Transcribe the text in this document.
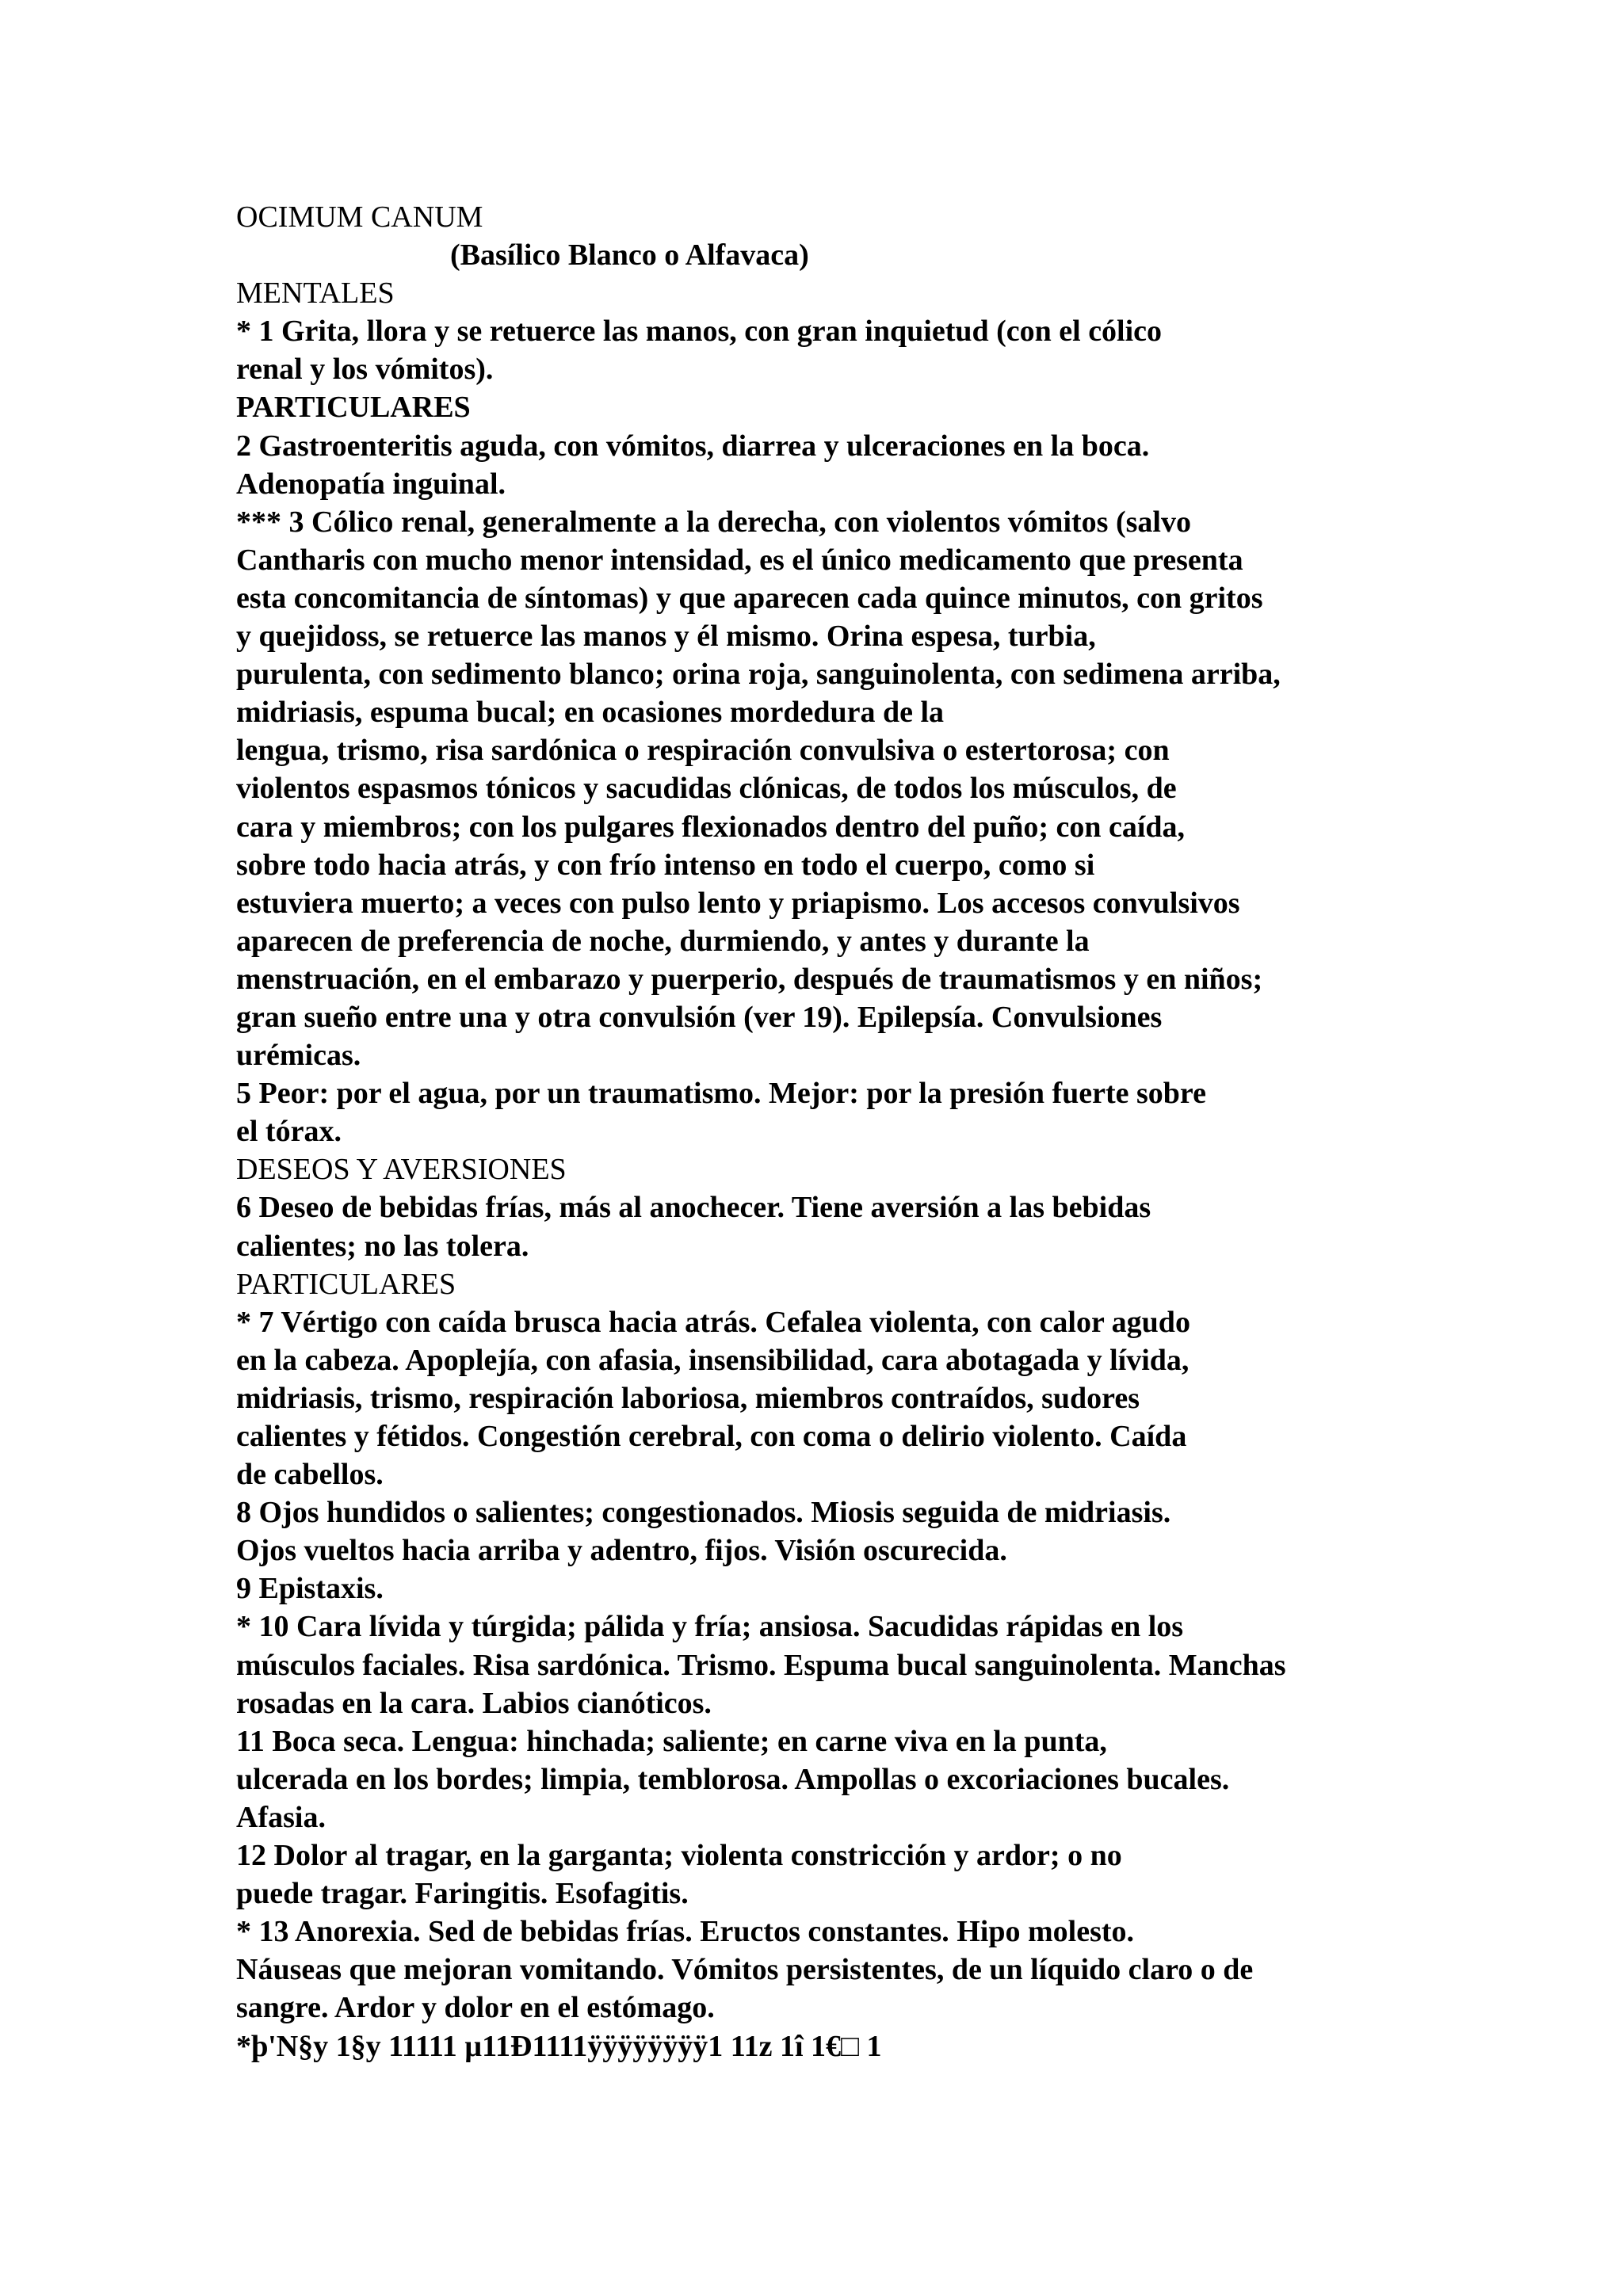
OCIMUM CANUM
(Basílico Blanco o Alfavaca)
MENTALES
* 1 Grita, llora y se retuerce las manos, con gran inquietud (con el cólico
renal y los vómitos).
PARTICULARES
2 Gastroenteritis aguda, con vómitos, diarrea y ulceraciones en la boca.
Adenopatía inguinal.
*** 3 Cólico renal, generalmente a la derecha, con violentos vómitos (salvo
Cantharis con mucho menor intensidad, es el único medicamento que presenta
esta concomitancia de síntomas) y que aparecen cada quince minutos, con gritos
y quejidoss, se retuerce las manos y él mismo. Orina espesa, turbia,
purulenta, con sedimento blanco; orina roja, sanguinolenta, con sedimena arriba,
midriasis, espuma bucal; en ocasiones mordedura de la
lengua, trismo, risa sardónica o respiración convulsiva o estertorosa; con
violentos espasmos tónicos y sacudidas clónicas, de todos los músculos, de
cara y miembros; con los pulgares flexionados dentro del puño; con caída,
sobre todo hacia atrás, y con frío intenso en todo el cuerpo, como si
estuviera muerto; a veces con pulso lento y priapismo. Los accesos convulsivos
aparecen de preferencia de noche, durmiendo, y antes y durante la
menstruación, en el embarazo y puerperio, después de traumatismos y en niños;
gran sueño entre una y otra convulsión (ver 19). Epilepsía. Convulsiones
urémicas.
5 Peor: por el agua, por un traumatismo. Mejor: por la presión fuerte sobre
el tórax.
DESEOS Y AVERSIONES
6 Deseo de bebidas frías, más al anochecer. Tiene aversión a las bebidas
calientes; no las tolera.
PARTICULARES
* 7 Vértigo con caída brusca hacia atrás. Cefalea violenta, con calor agudo
en la cabeza. Apoplejía, con afasia, insensibilidad, cara abotagada y lívida,
midriasis, trismo, respiración laboriosa, miembros contraídos, sudores
calientes y fétidos. Congestión cerebral, con coma o delirio violento. Caída
de cabellos.
8 Ojos hundidos o salientes; congestionados. Miosis seguida de midriasis.
Ojos vueltos hacia arriba y adentro, fijos. Visión oscurecida.
9 Epistaxis.
* 10 Cara lívida y túrgida; pálida y fría; ansiosa. Sacudidas rápidas en los
músculos faciales. Risa sardónica. Trismo. Espuma bucal sanguinolenta. Manchas
rosadas en la cara. Labios cianóticos.
11 Boca seca. Lengua: hinchada; saliente; en carne viva en la punta,
ulcerada en los bordes; limpia, temblorosa. Ampollas o excoriaciones bucales.
Afasia.
12 Dolor al tragar, en la garganta; violenta constricción y ardor; o no
puede tragar. Faringitis. Esofagitis.
* 13 Anorexia. Sed de bebidas frías. Eructos constantes. Hipo molesto.
Náuseas que mejoran vomitando. Vómitos persistentes, de un líquido claro o de
sangre. Ardor y dolor en el estómago.
*þ'N§y 1§y 11111 µ11Ð1111ÿÿÿÿÿÿÿÿ1 11z 1î 1€□ 1
